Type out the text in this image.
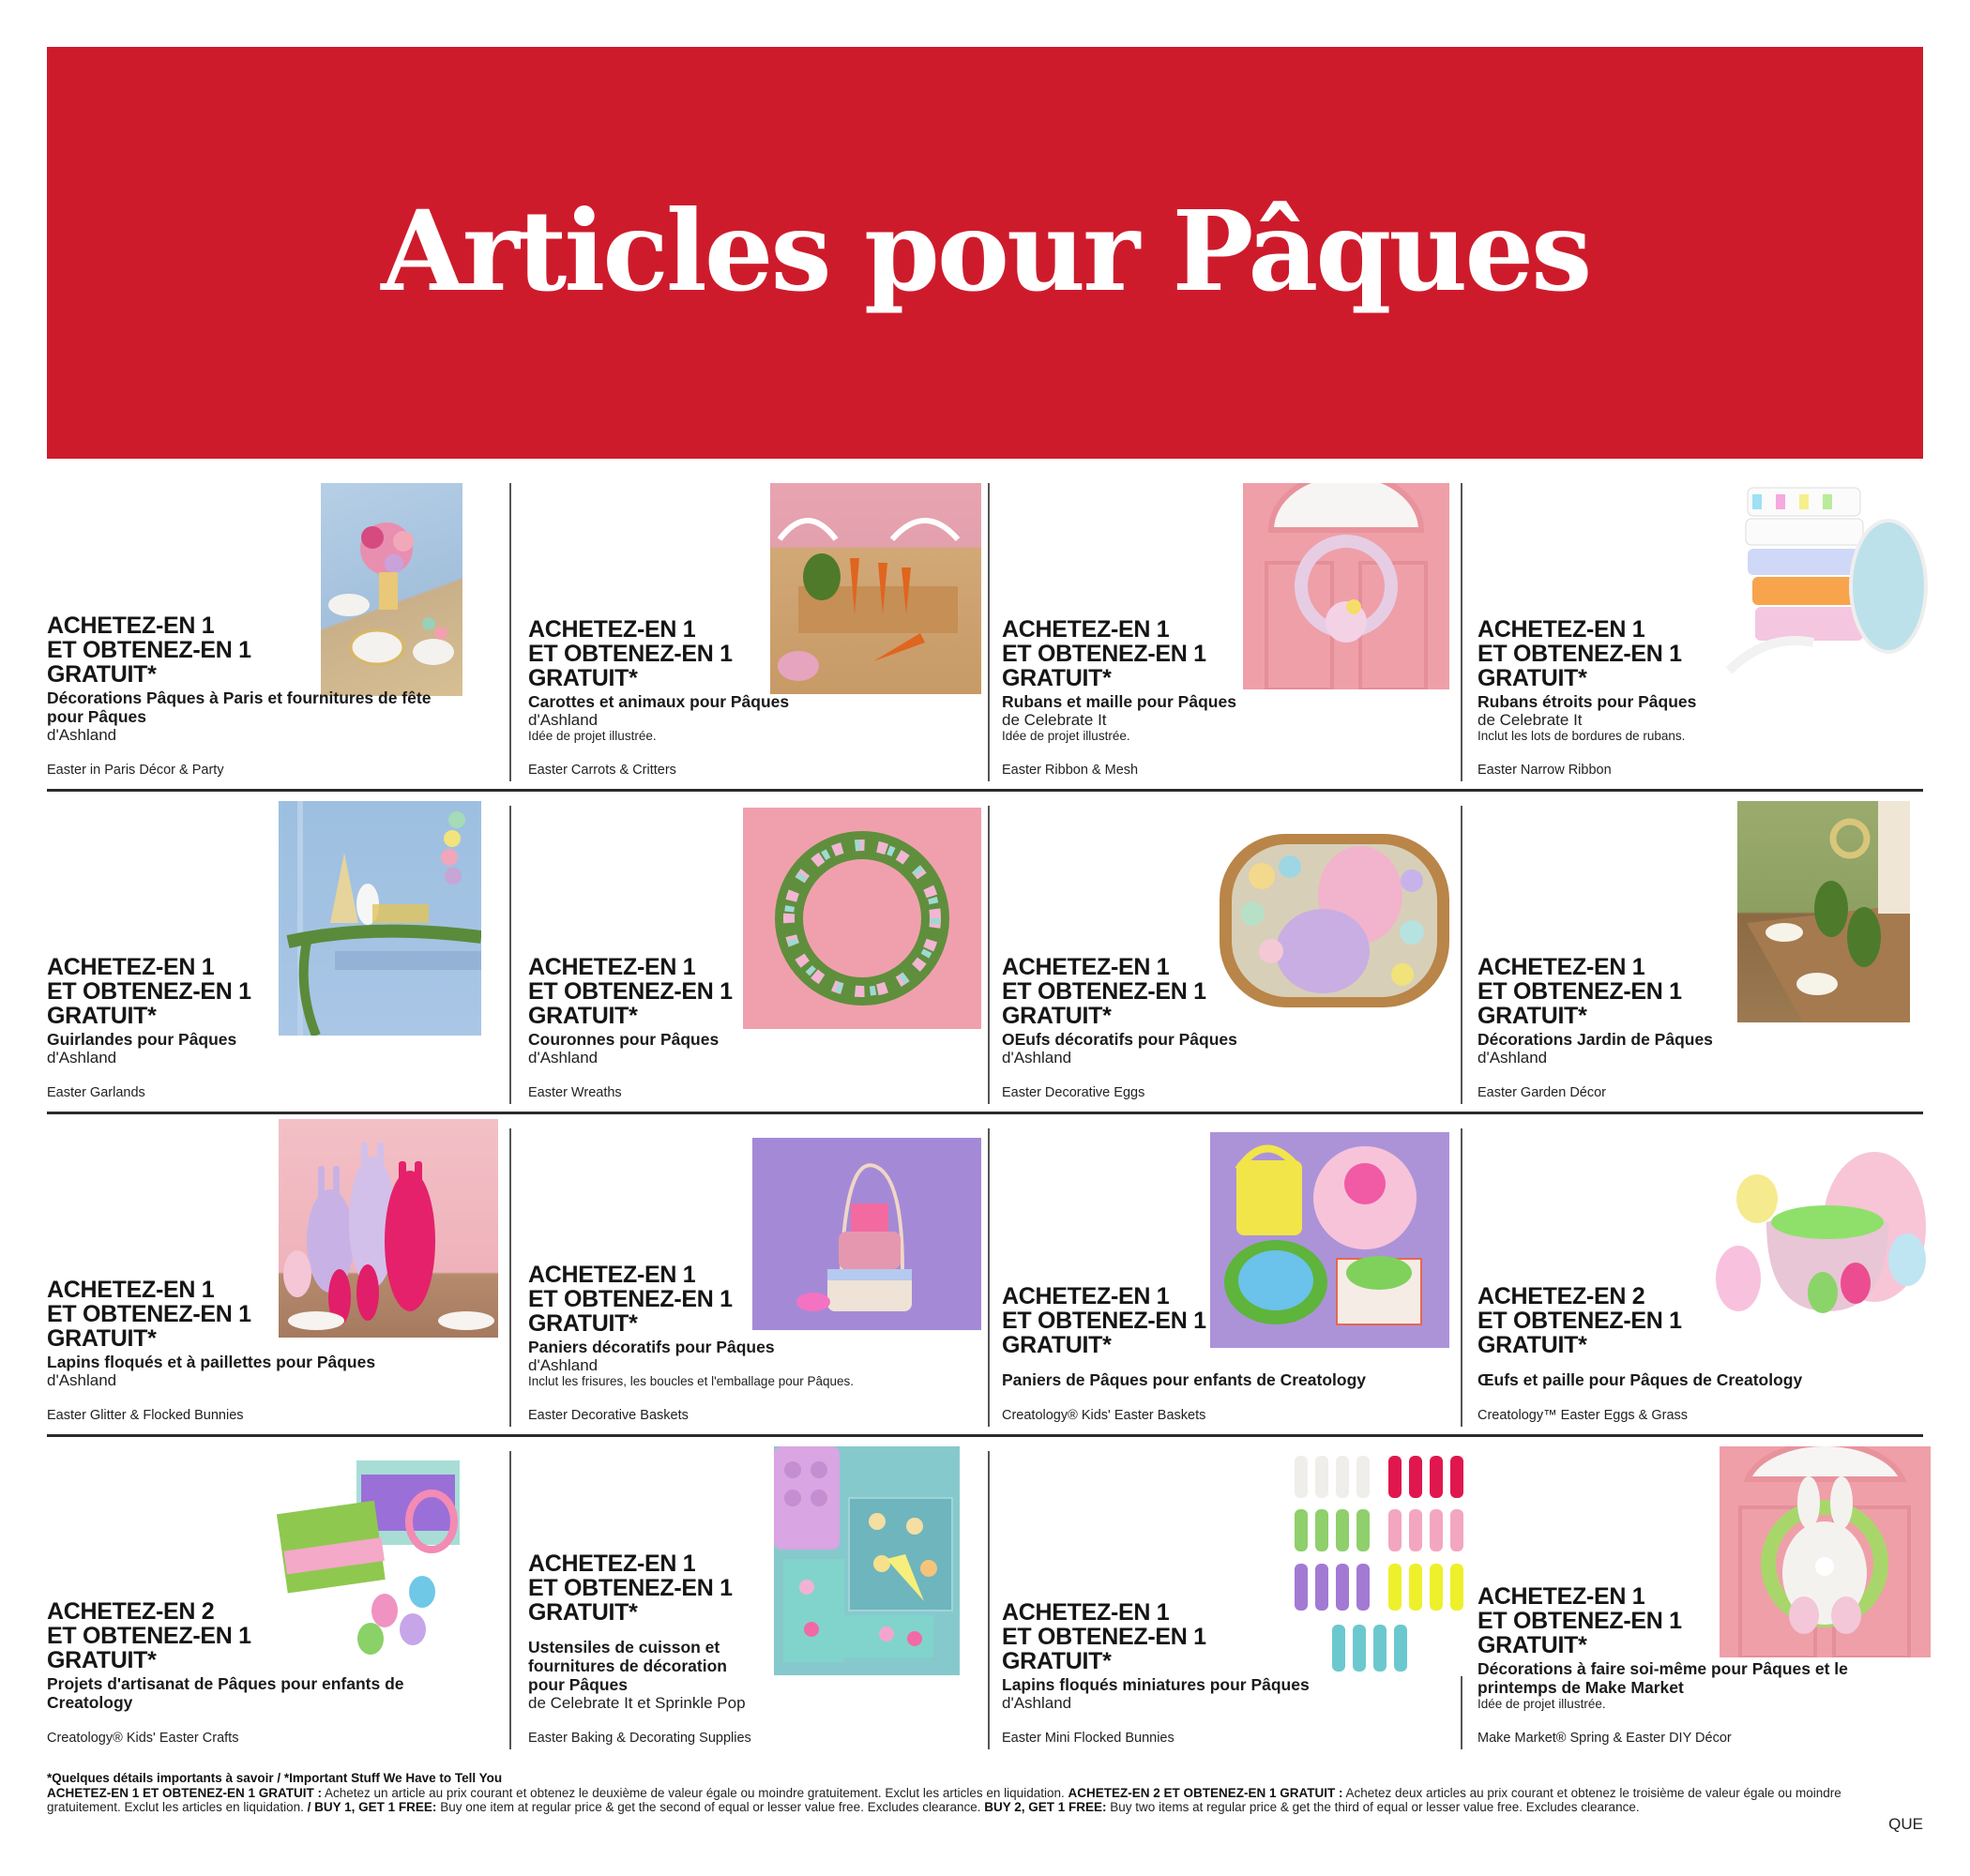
Articles pour Pâques
ACHETEZ-EN 1
ET OBTENEZ-EN 1
GRATUIT*
Décorations Pâques à Paris et fournitures de fête pour Pâques
d'Ashland
Easter in Paris Décor & Party
ACHETEZ-EN 1
ET OBTENEZ-EN 1
GRATUIT*
Carottes et animaux pour Pâques
d'Ashland
Idée de projet illustrée.
Easter Carrots & Critters
ACHETEZ-EN 1
ET OBTENEZ-EN 1
GRATUIT*
Rubans et maille pour Pâques
de Celebrate It
Idée de projet illustrée.
Easter Ribbon & Mesh
ACHETEZ-EN 1
ET OBTENEZ-EN 1
GRATUIT*
Rubans étroits pour Pâques
de Celebrate It
Inclut les lots de bordures de rubans.
Easter Narrow Ribbon
ACHETEZ-EN 1
ET OBTENEZ-EN 1
GRATUIT*
Guirlandes pour Pâques
d'Ashland
Easter Garlands
ACHETEZ-EN 1
ET OBTENEZ-EN 1
GRATUIT*
Couronnes pour Pâques
d'Ashland
Easter Wreaths
ACHETEZ-EN 1
ET OBTENEZ-EN 1
GRATUIT*
OEufs décoratifs pour Pâques
d'Ashland
Easter Decorative Eggs
ACHETEZ-EN 1
ET OBTENEZ-EN 1
GRATUIT*
Décorations Jardin de Pâques
d'Ashland
Easter Garden Décor
ACHETEZ-EN 1
ET OBTENEZ-EN 1
GRATUIT*
Lapins floqués et à paillettes pour Pâques
d'Ashland
Easter Glitter & Flocked Bunnies
ACHETEZ-EN 1
ET OBTENEZ-EN 1
GRATUIT*
Paniers décoratifs pour Pâques
d'Ashland
Inclut les frisures, les boucles et l'emballage pour Pâques.
Easter Decorative Baskets
ACHETEZ-EN 1
ET OBTENEZ-EN 1
GRATUIT*
Paniers de Pâques pour enfants de Creatology
Creatology® Kids' Easter Baskets
ACHETEZ-EN 2
ET OBTENEZ-EN 1
GRATUIT*
Œufs et paille pour Pâques de Creatology
Creatology™ Easter Eggs & Grass
ACHETEZ-EN 2
ET OBTENEZ-EN 1
GRATUIT*
Projets d'artisanat de Pâques pour enfants de Creatology
Creatology® Kids' Easter Crafts
ACHETEZ-EN 1
ET OBTENEZ-EN 1
GRATUIT*
Ustensiles de cuisson et fournitures de décoration pour Pâques
de Celebrate It et Sprinkle Pop
Easter Baking & Decorating Supplies
ACHETEZ-EN 1
ET OBTENEZ-EN 1
GRATUIT*
Lapins floqués miniatures pour Pâques
d'Ashland
Easter Mini Flocked Bunnies
ACHETEZ-EN 1
ET OBTENEZ-EN 1
GRATUIT*
Décorations à faire soi-même pour Pâques et le printemps de Make Market
Idée de projet illustrée.
Make Market® Spring & Easter DIY Décor
*Quelques détails importants à savoir / *Important Stuff We Have to Tell You
ACHETEZ-EN 1 ET OBTENEZ-EN 1 GRATUIT : Achetez un article au prix courant et obtenez le deuxième de valeur égale ou moindre gratuitement. Exclut les articles en liquidation. ACHETEZ-EN 2 ET OBTENEZ-EN 1 GRATUIT : Achetez deux articles au prix courant et obtenez le troisième de valeur égale ou moindre gratuitement. Exclut les articles en liquidation. / BUY 1, GET 1 FREE: Buy one item at regular price & get the second of equal or lesser value free. Excludes clearance. BUY 2, GET 1 FREE: Buy two items at regular price & get the third of equal or lesser value free. Excludes clearance.
QUE
